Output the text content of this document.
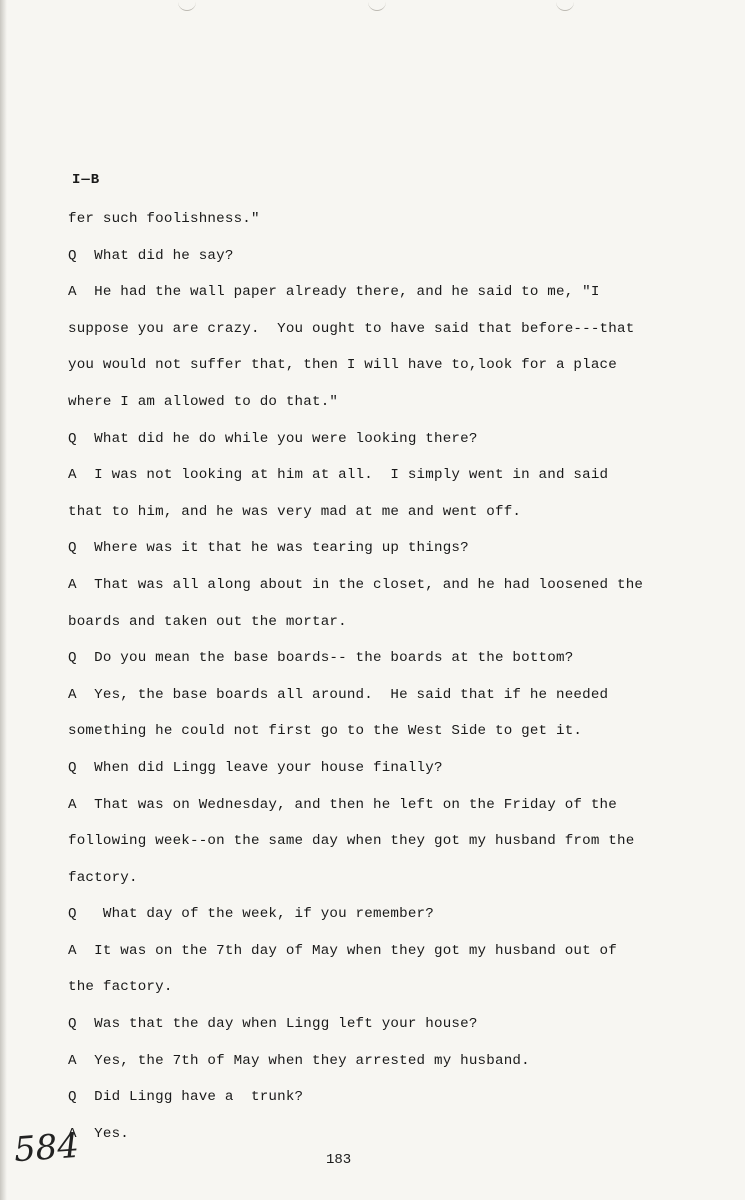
I—B
fer such foolishness."
Q  What did he say?
A  He had the wall paper already there, and he said to me, "I
suppose you are crazy.  You ought to have said that before---that
you would not suffer that, then I will have to,look for a place
where I am allowed to do that."
Q  What did he do while you were looking there?
A  I was not looking at him at all.  I simply went in and said
that to him, and he was very mad at me and went off.
Q  Where was it that he was tearing up things?
A  That was all along about in the closet, and he had loosened the
boards and taken out the mortar.
Q  Do you mean the base boards-- the boards at the bottom?
A  Yes, the base boards all around.  He said that if he needed
something he could not first go to the West Side to get it.
Q  When did Lingg leave your house finally?
A  That was on Wednesday, and then he left on the Friday of the
following week--on the same day when they got my husband from the
factory.
Q   What day of the week, if you remember?
A  It was on the 7th day of May when they got my husband out of
the factory.
Q  Was that the day when Lingg left your house?
A  Yes, the 7th of May when they arrested my husband.
Q  Did Lingg have a  trunk?
A  Yes.
584	183
